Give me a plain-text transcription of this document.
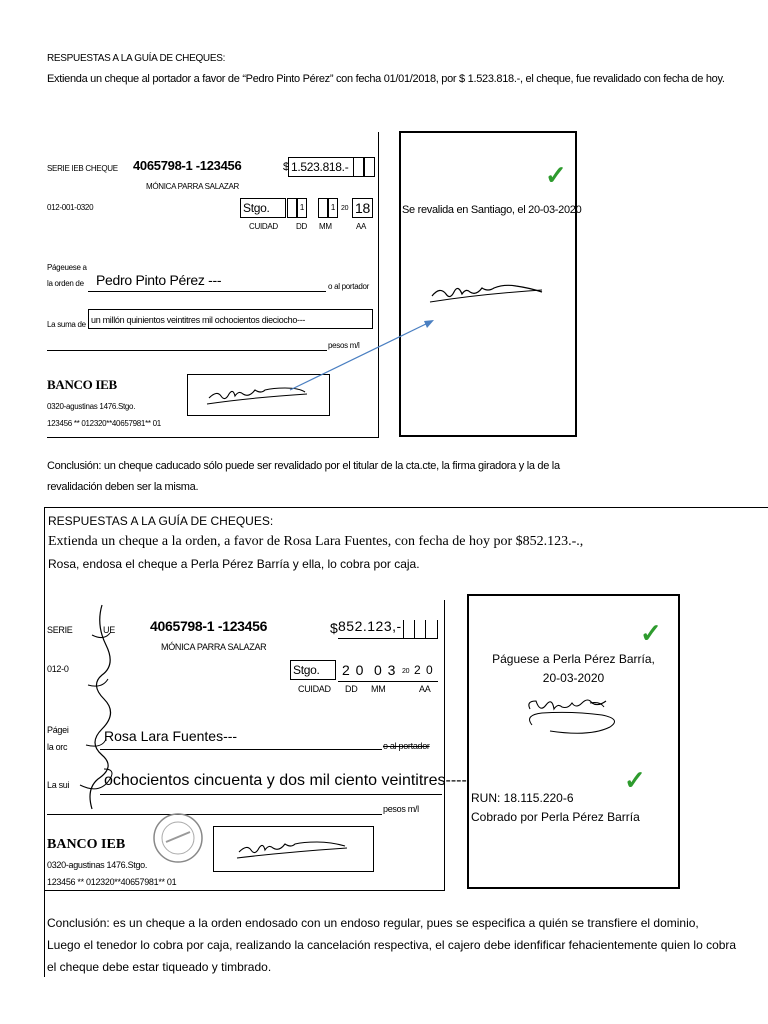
RESPUESTAS A LA GUÍA DE CHEQUES:
Extienda un cheque al portador a favor de “Pedro Pinto Pérez” con fecha 01/01/2018, por $ 1.523.818.-, el cheque, fue revalidado con fecha de hoy.
SERIE IEB CHEQUE 4065798-1 -123456
MÓNICA PARRA SALAZAR
012-001-0320
$ 1.523.818.-
Stgo.	1	1 20 18
CUIDAD DD MM	AA
Págeuese a
la orden de Pedro Pinto Pérez ---	o al portador
La suma de un millón quinientos veintitres mil ochocientos dieciocho---
pesos m/l
BANCO IEB
0320-agustinas 1476.Stgo.
123456 ** 012320**40657981** 01
✓
Se revalida en Santiago, el 20-03-2020
Conclusión: un cheque caducado sólo puede ser revalidado por el titular de la cta.cte, la firma giradora y la de la
revalidación deben ser la misma.
RESPUESTAS A LA GUÍA DE CHEQUES:
Extienda un cheque a la orden, a favor de Rosa Lara Fuentes, con fecha de hoy por $852.123.-.,
Rosa, endosa el cheque a Perla Pérez Barría y ella, lo cobra por caja.
SERIE	UE	4065798-1 -123456
MÓNICA PARRA SALAZAR
012-0
$ 852.123,-
Stgo.	2 0 0 3 20 2 0
CUIDAD DD MM	AA
Págei
la orc
Rosa Lara Fuentes---
o al portador
La sui ochocientos cincuenta y dos mil ciento veintitres----
pesos m/l
BANCO IEB
0320-agustinas 1476.Stgo.
123456 ** 012320**40657981** 01
✓
Páguese a Perla Pérez Barría,
20-03-2020
✓
RUN: 18.115.220-6
Cobrado por Perla Pérez Barría
Conclusión: es un cheque a la orden endosado con un endoso regular, pues se especifica a quién se transfiere el dominio,
Luego el tenedor lo cobra por caja, realizando la cancelación respectiva, el cajero debe idenfificar fehacientemente quien lo cobra
el cheque debe estar tiqueado y timbrado.
